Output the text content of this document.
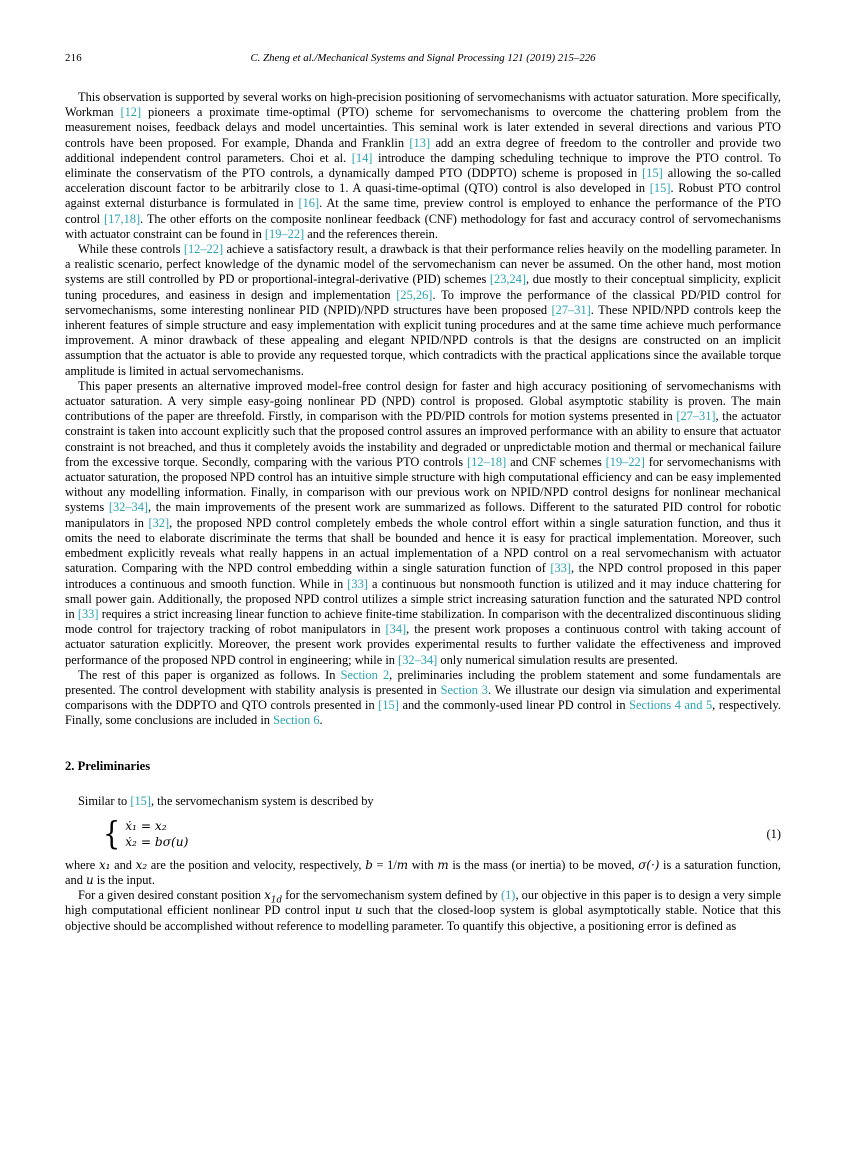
216	C. Zheng et al./Mechanical Systems and Signal Processing 121 (2019) 215–226

This observation is supported by several works on high-precision positioning of servomechanisms with actuator saturation. More specifically, Workman [12] pioneers a proximate time-optimal (PTO) scheme for servomechanisms to overcome the chattering problem from the measurement noises, feedback delays and model uncertainties. This seminal work is later extended in several directions and various PTO controls have been proposed. For example, Dhanda and Franklin [13] add an extra degree of freedom to the controller and provide two additional independent control parameters. Choi et al. [14] introduce the damping scheduling technique to improve the PTO control. To eliminate the conservatism of the PTO controls, a dynamically damped PTO (DDPTO) scheme is proposed in [15] allowing the so-called acceleration discount factor to be arbitrarily close to 1. A quasi-time-optimal (QTO) control is also developed in [15]. Robust PTO control against external disturbance is formulated in [16]. At the same time, preview control is employed to enhance the performance of the PTO control [17,18]. The other efforts on the composite nonlinear feedback (CNF) methodology for fast and accuracy control of servomechanisms with actuator constraint can be found in [19–22] and the references therein.

While these controls [12–22] achieve a satisfactory result, a drawback is that their performance relies heavily on the modelling parameter. In a realistic scenario, perfect knowledge of the dynamic model of the servomechanism can never be assumed. On the other hand, most motion systems are still controlled by PD or proportional-integral-derivative (PID) schemes [23,24], due mostly to their conceptual simplicity, explicit tuning procedures, and easiness in design and implementation [25,26]. To improve the performance of the classical PD/PID control for servomechanisms, some interesting nonlinear PID (NPID)/NPD structures have been proposed [27–31]. These NPID/NPD controls keep the inherent features of simple structure and easy implementation with explicit tuning procedures and at the same time achieve much performance improvement. A minor drawback of these appealing and elegant NPID/NPD controls is that the designs are constructed on an implicit assumption that the actuator is able to provide any requested torque, which contradicts with the practical applications since the available torque amplitude is limited in actual servomechanisms.

This paper presents an alternative improved model-free control design for faster and high accuracy positioning of servomechanisms with actuator saturation. A very simple easy-going nonlinear PD (NPD) control is proposed. Global asymptotic stability is proven. The main contributions of the paper are threefold. Firstly, in comparison with the PD/PID controls for motion systems presented in [27–31], the actuator constraint is taken into account explicitly such that the proposed control assures an improved performance with an ability to ensure that actuator constraint is not breached, and thus it completely avoids the instability and degraded or unpredictable motion and thermal or mechanical failure from the excessive torque. Secondly, comparing with the various PTO controls [12–18] and CNF schemes [19–22] for servomechanisms with actuator saturation, the proposed NPD control has an intuitive simple structure with high computational efficiency and can be easy implemented without any modelling information. Finally, in comparison with our previous work on NPID/NPD control designs for nonlinear mechanical systems [32–34], the main improvements of the present work are summarized as follows. Different to the saturated PID control for robotic manipulators in [32], the proposed NPD control completely embeds the whole control effort within a single saturation function, and thus it omits the need to elaborate discriminate the terms that shall be bounded and hence it is easy for practical implementation. Moreover, such embedment explicitly reveals what really happens in an actual implementation of a NPD control on a real servomechanism with actuator saturation. Comparing with the NPD control embedding within a single saturation function of [33], the NPD control proposed in this paper introduces a continuous and smooth function. While in [33] a continuous but nonsmooth function is utilized and it may induce chattering for small power gain. Additionally, the proposed NPD control utilizes a simple strict increasing saturation function and the saturated NPD control in [33] requires a strict increasing linear function to achieve finite-time stabilization. In comparison with the decentralized discontinuous sliding mode control for trajectory tracking of robot manipulators in [34], the present work proposes a continuous control with taking account of actuator saturation explicitly. Moreover, the present work provides experimental results to further validate the effectiveness and improved performance of the proposed NPD control in engineering; while in [32–34] only numerical simulation results are presented.

The rest of this paper is organized as follows. In Section 2, preliminaries including the problem statement and some fundamentals are presented. The control development with stability analysis is presented in Section 3. We illustrate our design via simulation and experimental comparisons with the DDPTO and QTO controls presented in [15] and the commonly-used linear PD control in Sections 4 and 5, respectively. Finally, some conclusions are included in Section 6.

2. Preliminaries

Similar to [15], the servomechanism system is described by

{ ẋ₁ = x₂
ẋ₂ = bσ(u)
(1)

where x₁ and x₂ are the position and velocity, respectively, b = 1/m with m is the mass (or inertia) to be moved, σ(·) is a saturation function, and u is the input.

For a given desired constant position $x_{1d}$ for the servomechanism system defined by (1), our objective in this paper is to design a very simple high computational efficient nonlinear PD control input u such that the closed-loop system is global asymptotically stable. Notice that this objective should be accomplished without reference to modelling parameter. To quantify this objective, a positioning error is defined as
